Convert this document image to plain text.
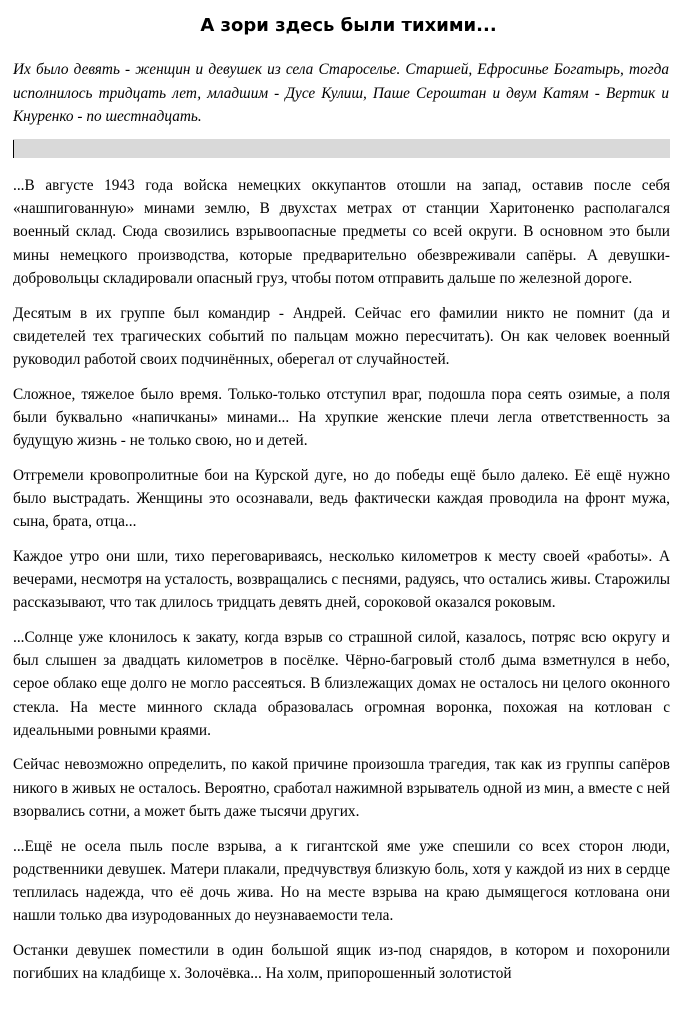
А зори здесь были тихими...
Их было девять - женщин и девушек из села Староселье. Старшей, Ефросинье Богатырь, тогда исполнилось тридцать лет, младшим - Дусе Кулиш, Паше Сероштан и двум Катям - Вертик и Кнуренко - по шестнадцать.

...В августе 1943 года войска немецких оккупантов отошли на запад, оставив после себя «нашпигованную» минами землю, В двухстах метрах от станции Харитоненко располагался военный склад. Сюда свозились взрывоопасные предметы со всей округи. В основном это были мины немецкого производства, которые предварительно обезвреживали сапёры. А девушки-добровольцы складировали опасный груз, чтобы потом отправить дальше по железной дороге.

Десятым в их группе был командир - Андрей. Сейчас его фамилии никто не помнит (да и свидетелей тех трагических событий по пальцам можно пересчитать). Он как человек военный руководил работой своих подчинённых, оберегал от случайностей.

Сложное, тяжелое было время. Только-только отступил враг, подошла пора сеять озимые, а поля были буквально «напичканы» минами... На хрупкие женские плечи легла ответственность за будущую жизнь - не только свою, но и детей.

Отгремели кровопролитные бои на Курской дуге, но до победы ещё было далеко. Её ещё нужно было выстрадать. Женщины это осознавали, ведь фактически каждая проводила на фронт мужа, сына, брата, отца...

Каждое утро они шли, тихо переговариваясь, несколько километров к месту своей «работы». А вечерами, несмотря на усталость, возвращались с песнями, радуясь, что остались живы. Старожилы рассказывают, что так длилось тридцать девять дней, сороковой оказался роковым.

...Солнце уже клонилось к закату, когда взрыв со страшной силой, казалось, потряс всю округу и был слышен за двадцать километров в посёлке. Чёрно-багровый столб дыма взметнулся в небо, серое облако еще долго не могло рассеяться. В близлежащих домах не осталось ни целого оконного стекла. На месте минного склада образовалась огромная воронка, похожая на котлован с идеальными ровными краями.

Сейчас невозможно определить, по какой причине произошла трагедия, так как из группы сапёров никого в живых не осталось. Вероятно, сработал нажимной взрыватель одной из мин, а вместе с ней взорвались сотни, а может быть даже тысячи других.

...Ещё не осела пыль после взрыва, а к гигантской яме уже спешили со всех сторон люди, родственники девушек. Матери плакали, предчувствуя близкую боль, хотя у каждой из них в сердце теплилась надежда, что её дочь жива. Но на месте взрыва на краю дымящегося котлована они нашли только два изуродованных до неузнаваемости тела.

Останки девушек поместили в один большой ящик из-под снарядов, в котором и похоронили погибших на кладбище х. Золочёвка... На холм, припорошенный золотистой
